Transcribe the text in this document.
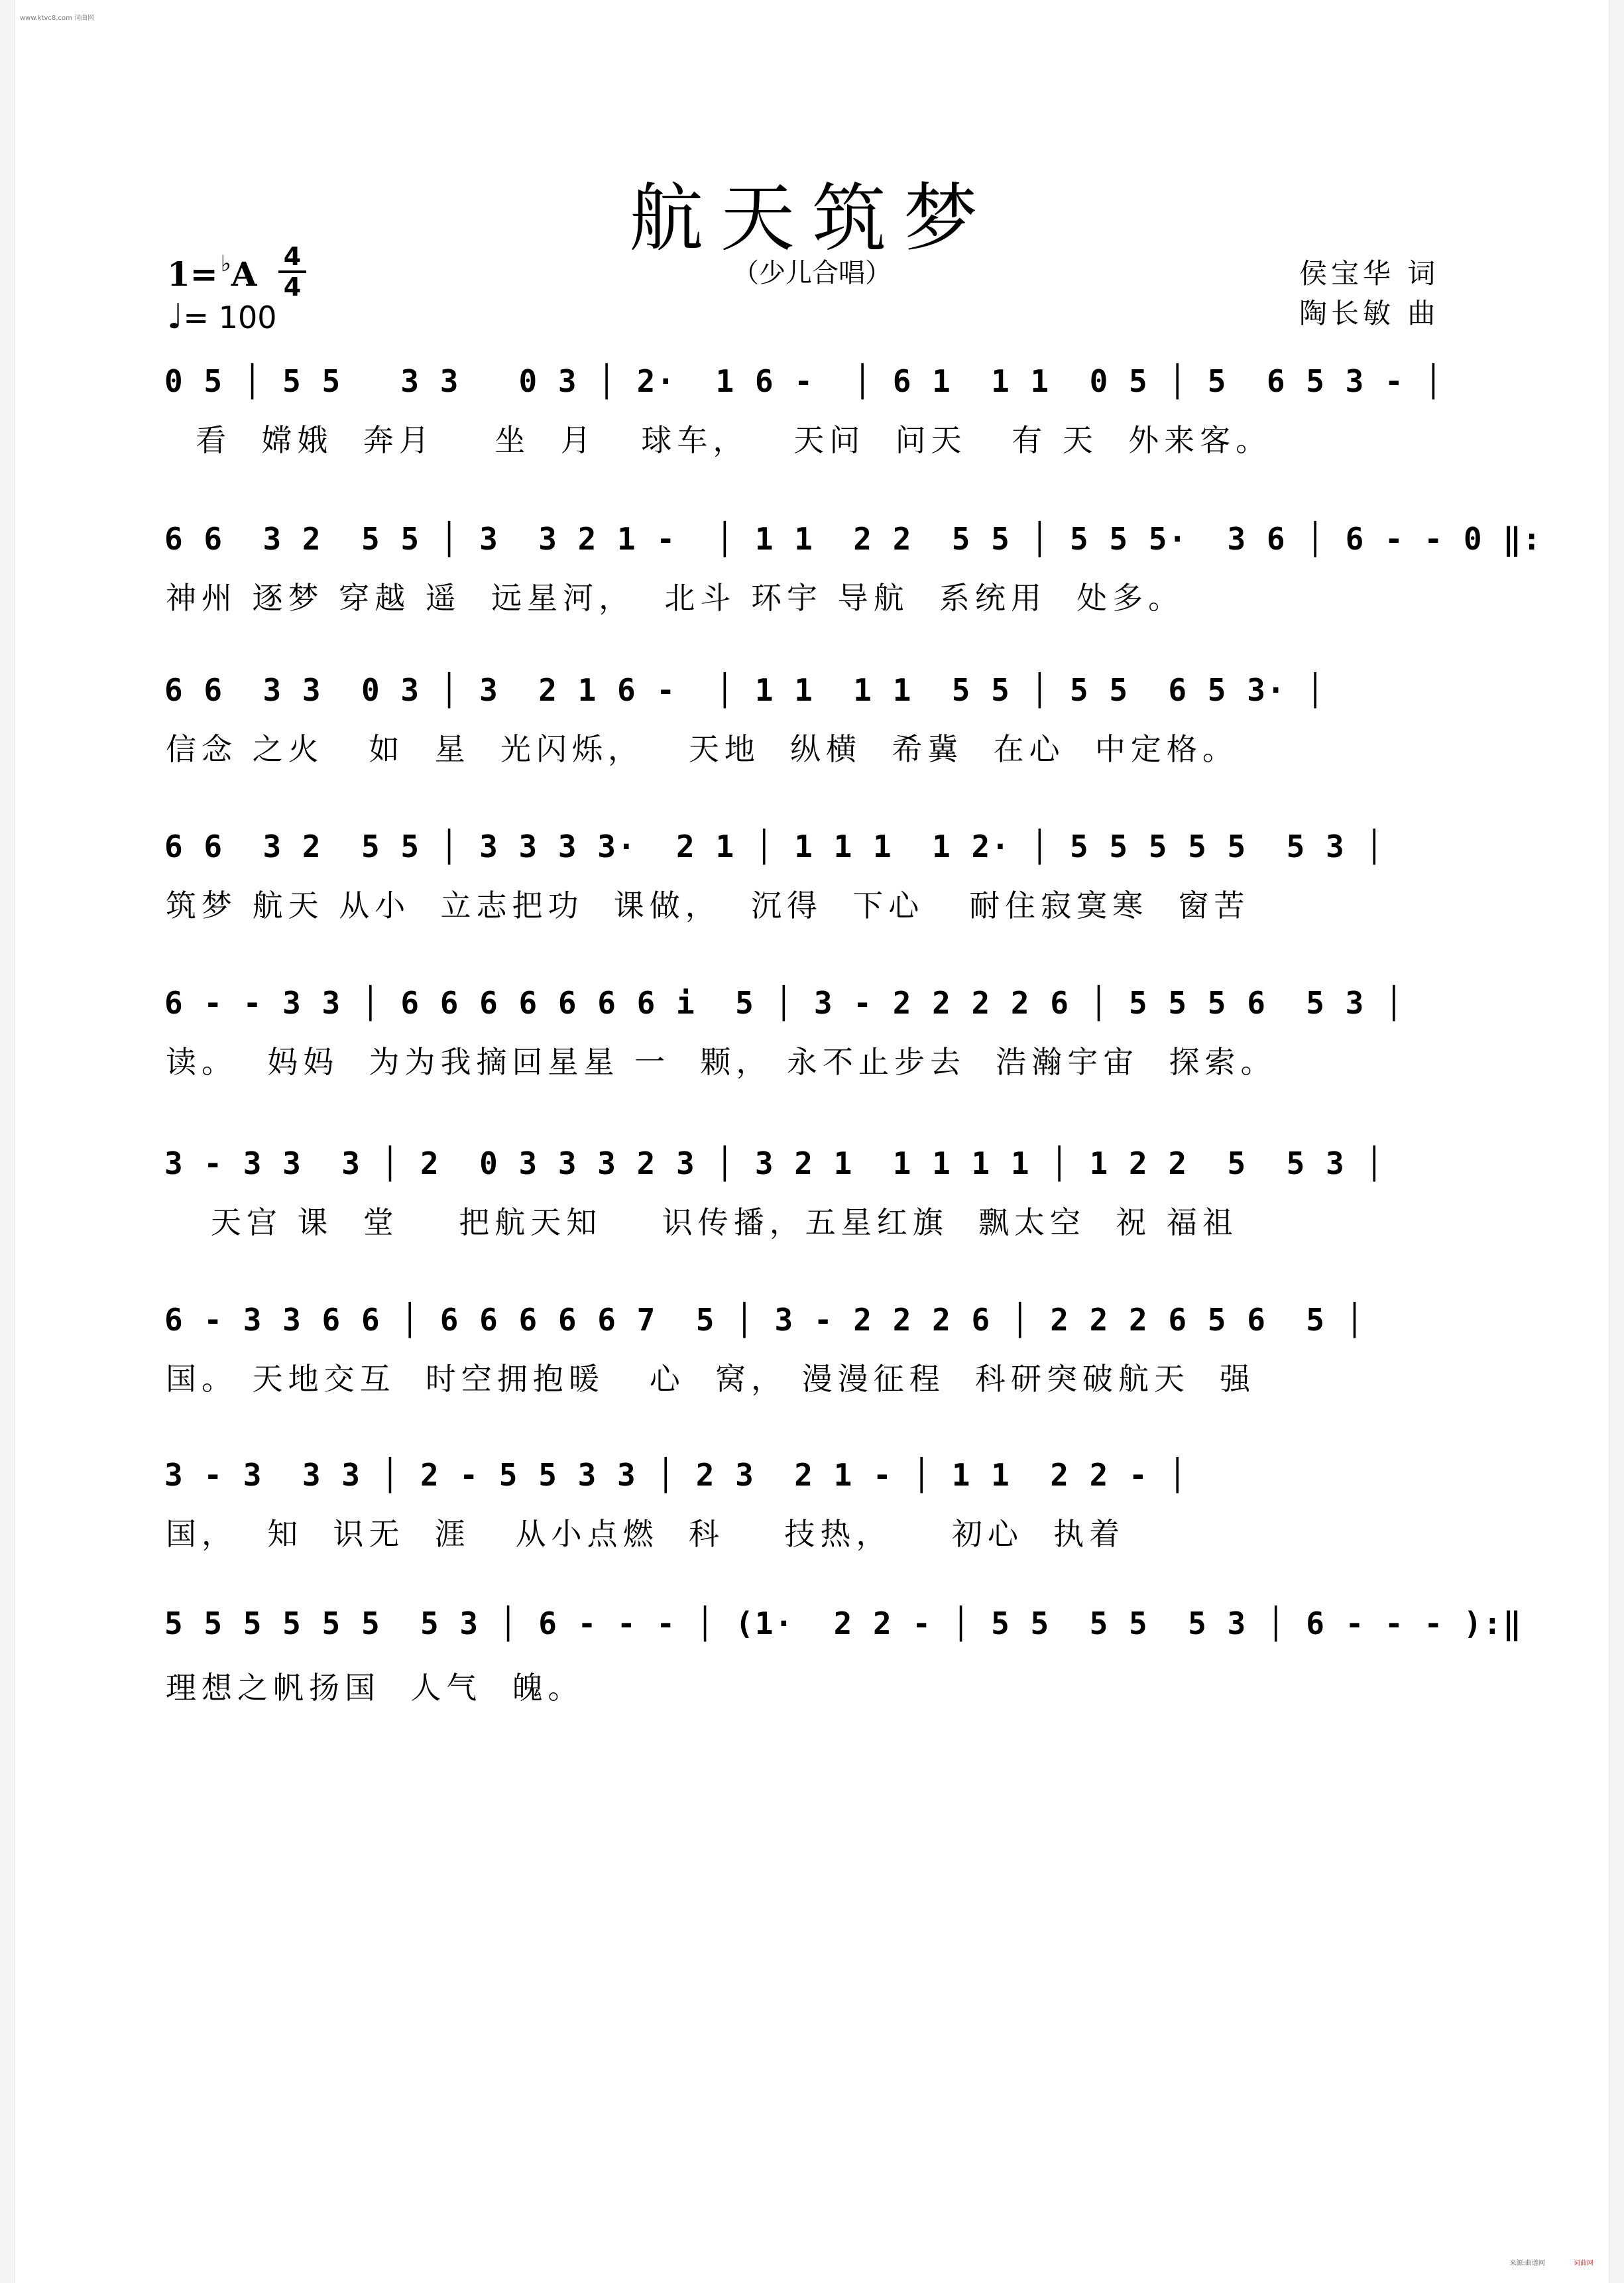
www.ktvc8.com 词曲网
来源:曲谱网	词曲网
航天筑梦
（少儿合唱）
1= ♭A 4
4
♩= 100
侯宝华 词
陶长敏 曲
0 5 │ 5 5   3 3   0 3 │ 2·  1 6 -  │ 6 1  1 1  0 5 │ 5  6 5 3 - │
看  嫦娥  奔月    坐  月   球车，   天问  问天   有 天  外来客。
6 6  3 2  5 5 │ 3  3 2 1 -  │ 1 1  2 2  5 5 │ 5 5 5·  3 6 │ 6 - - 0 ‖:
神州 逐梦 穿越 遥  远星河，  北斗 环宇 导航  系统用  处多。
6 6  3 3  0 3 │ 3  2 1 6 -  │ 1 1  1 1  5 5 │ 5 5  6 5 3· │
信念 之火   如  星  光闪烁，   天地  纵横  希冀  在心  中定格。
6 6  3 2  5 5 │ 3 3 3 3·  2 1 │ 1 1 1  1 2· │ 5 5 5 5 5  5 3 │
筑梦 航天 从小  立志把功  课做，  沉得  下心   耐住寂寞寒  窗苦
6 - - 3 3 │ 6 6 6 6 6 6 6 i  5 │ 3 - 2 2 2 2 6 │ 5 5 5 6  5 3 │
读。  妈妈  为为我摘回星星 一  颗， 永不止步去  浩瀚宇宙  探索。
3 - 3 3  3 │ 2  0 3 3 3 2 3 │ 3 2 1  1 1 1 1 │ 1 2 2  5  5 3 │
天宫 课  堂    把航天知    识传播，五星红旗  飘太空  祝 福祖
6 - 3 3 6 6 │ 6 6 6 6 6 7  5 │ 3 - 2 2 2 6 │ 2 2 2 6 5 6  5 │
国。 天地交互  时空拥抱暖   心  窝， 漫漫征程  科研突破航天  强
3 - 3  3 3 │ 2 - 5 5 3 3 │ 2 3  2 1 - │ 1 1  2 2 - │
国，  知  识无  涯   从小点燃  科    技热，    初心  执着
5 5 5 5 5 5  5 3 │ 6 - - - │ (1·  2 2 - │ 5 5  5 5  5 3 │ 6 - - - ):‖
理想之帆扬国  人气  魄。
